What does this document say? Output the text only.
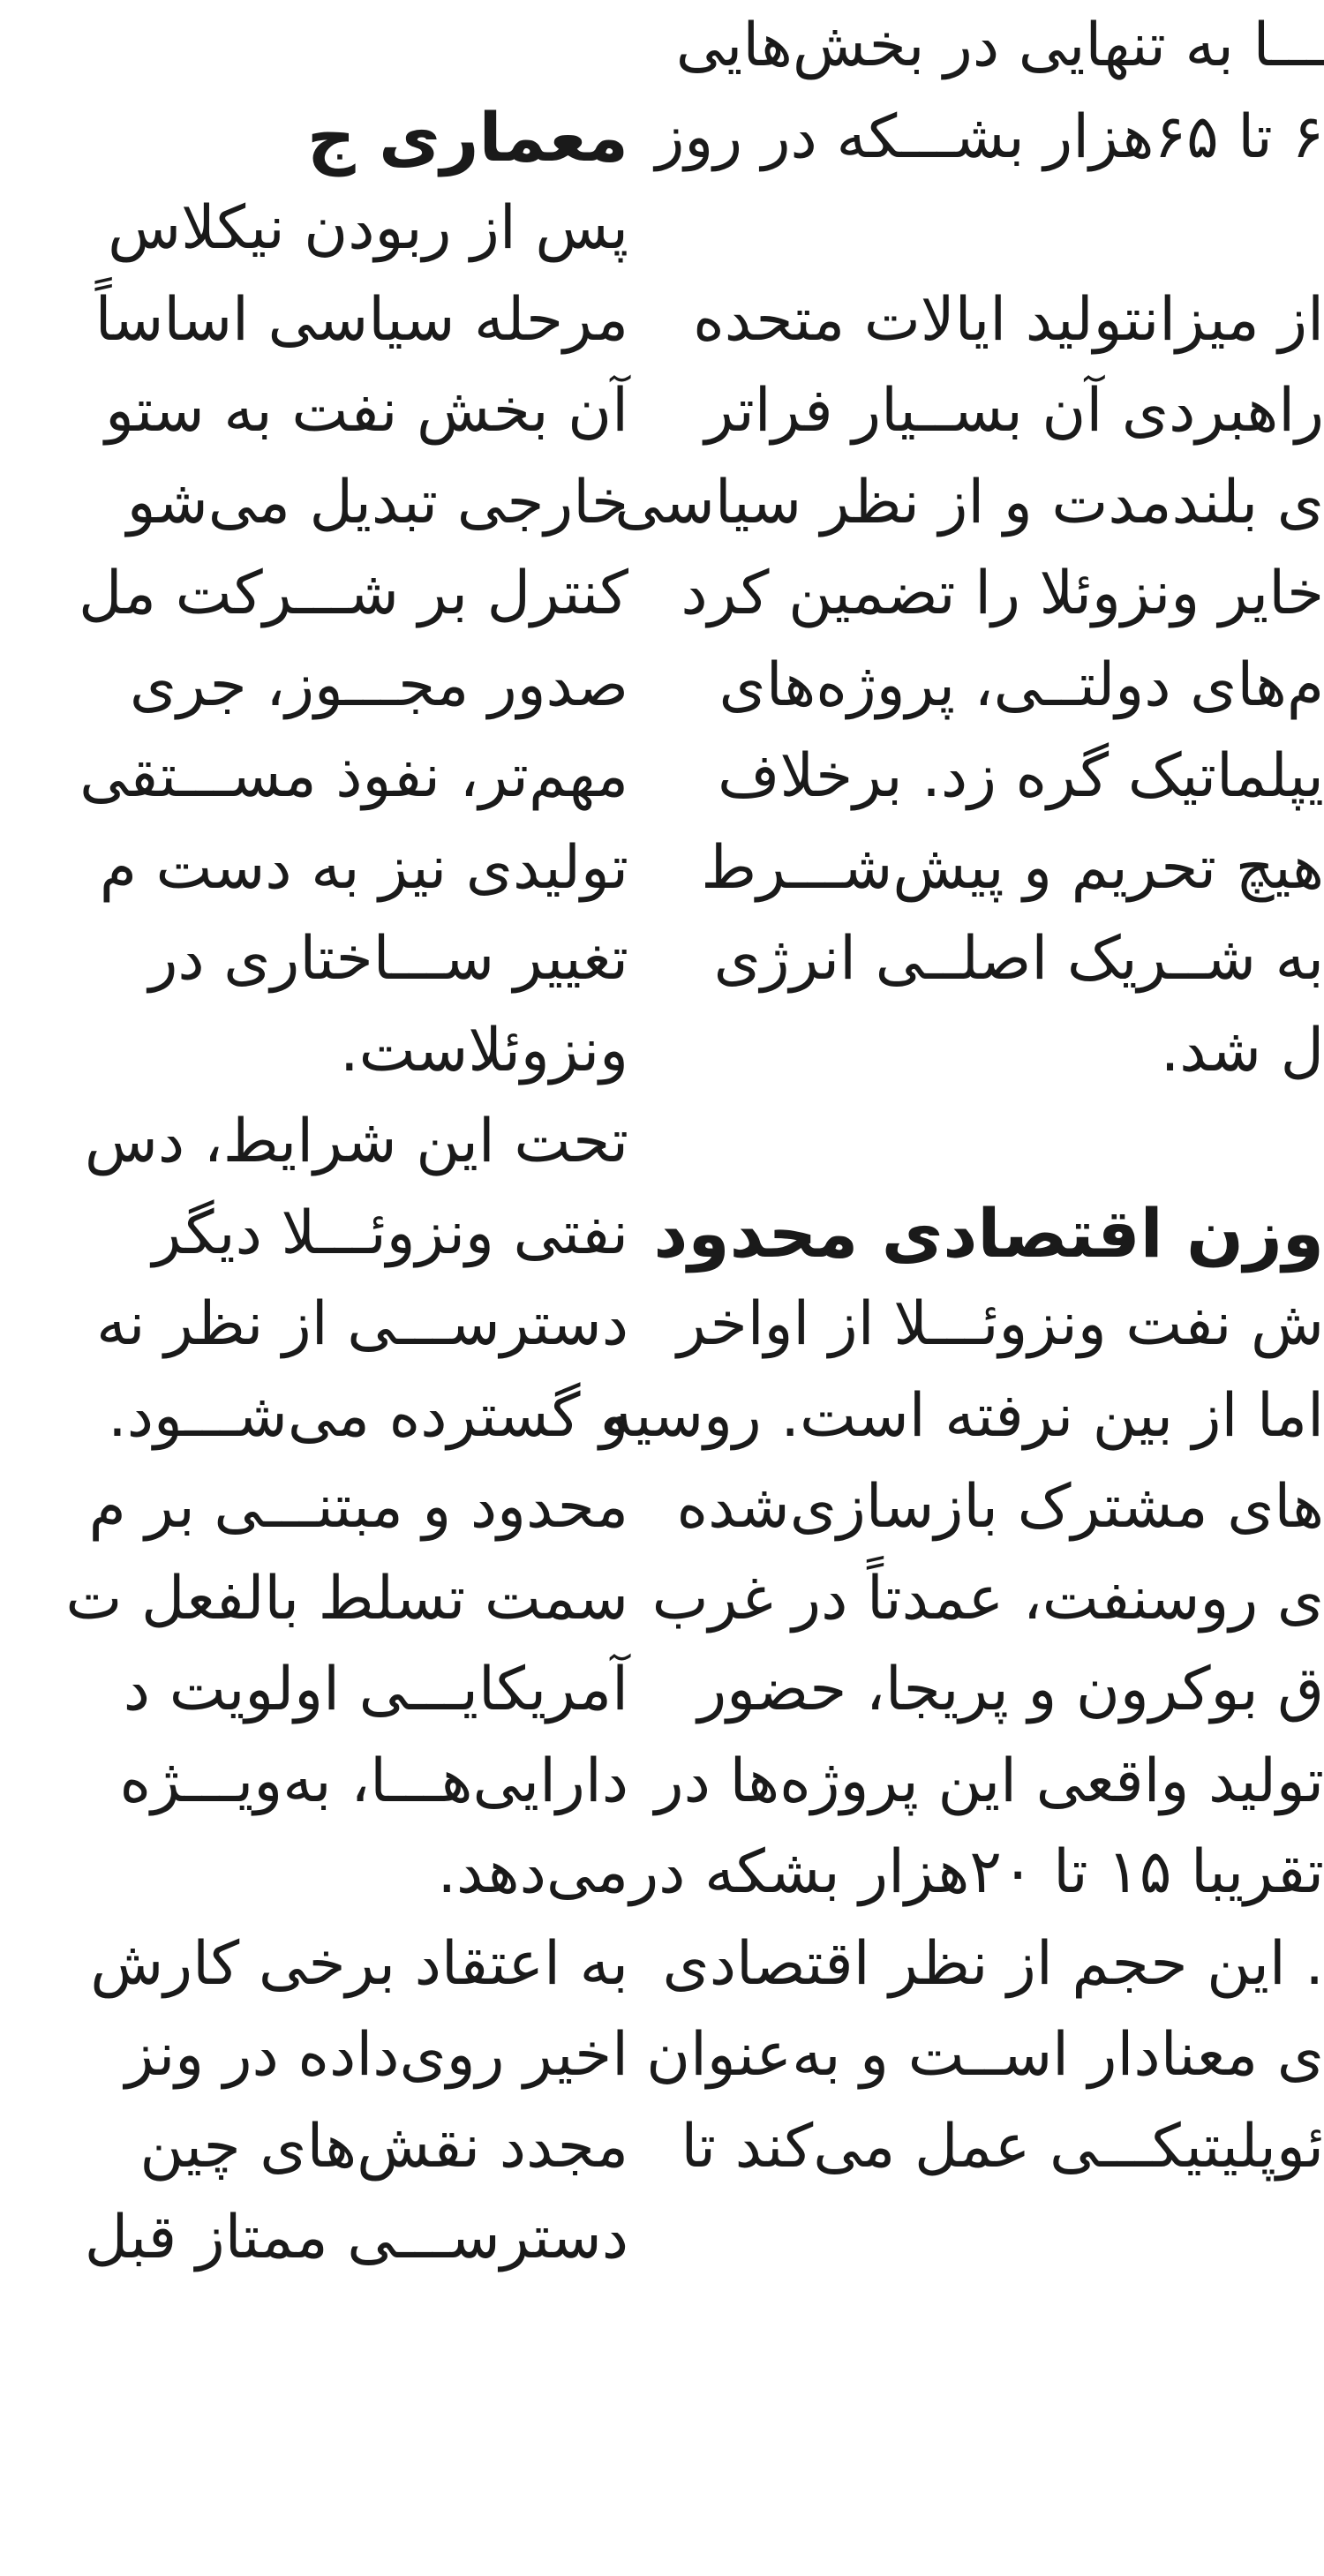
ـــا به تنهایی در بخش‌هایی
۶ تا ۶۵هزار بشـــکه در روز
از میزانتولید ایالات متحده
راهبردی آن بســیار فراتر
ی بلندمدت و از نظر سیاسی
خایر ونزوئلا را تضمین کرد
م‌های دولتــی، پروژه‌های
یپلماتیک گره زد. برخلاف
هیچ تحریم و پیش‌شـــرط
به شــریک اصلــی انرژی
ل شد.
وزن اقتصادی محدود
ش نفت ونزوئـــلا از اواخر
اما از بین نرفته است. روسیه
های مشترک بازسازی‌شده
ی روسنفت، عمدتاً در غرب
ق بوکرون و پریجا، حضور
تولید واقعی این پروژه‌ها در
تقریبا ۱۵ تا ۲۰هزار بشکه در
. این حجم از نظر اقتصادی
ی معنادار اســت و به‌عنوان
ئوپلیتیکـــی عمل می‌کند تا
معماری ج
پس از ربودن نیکلاس
مرحله سیاسی اساساً
آن بخش نفت به ستو
خارجی تبدیل می‌شو
کنترل بر شـــرکت مل
صدور مجـــوز، جری
مهم‌تر، نفوذ مســـتقی
تولیدی نیز به دست م
تغییر ســـاختاری در
ونزوئلاست.
تحت این شرایط، دس
نفتی ونزوئـــلا دیگر
دسترســـی از نظر نه
و گسترده می‌شـــود.
محدود و مبتنـــی بر م
سمت تسلط بالفعل ت
آمریکایـــی اولویت د
دارایی‌هـــا، به‌ویـــژه
می‌دهد.
به اعتقاد برخی کارش
اخیر روی‌داده در ونز
مجدد نقش‌های چین
دسترســـی ممتاز قبل
